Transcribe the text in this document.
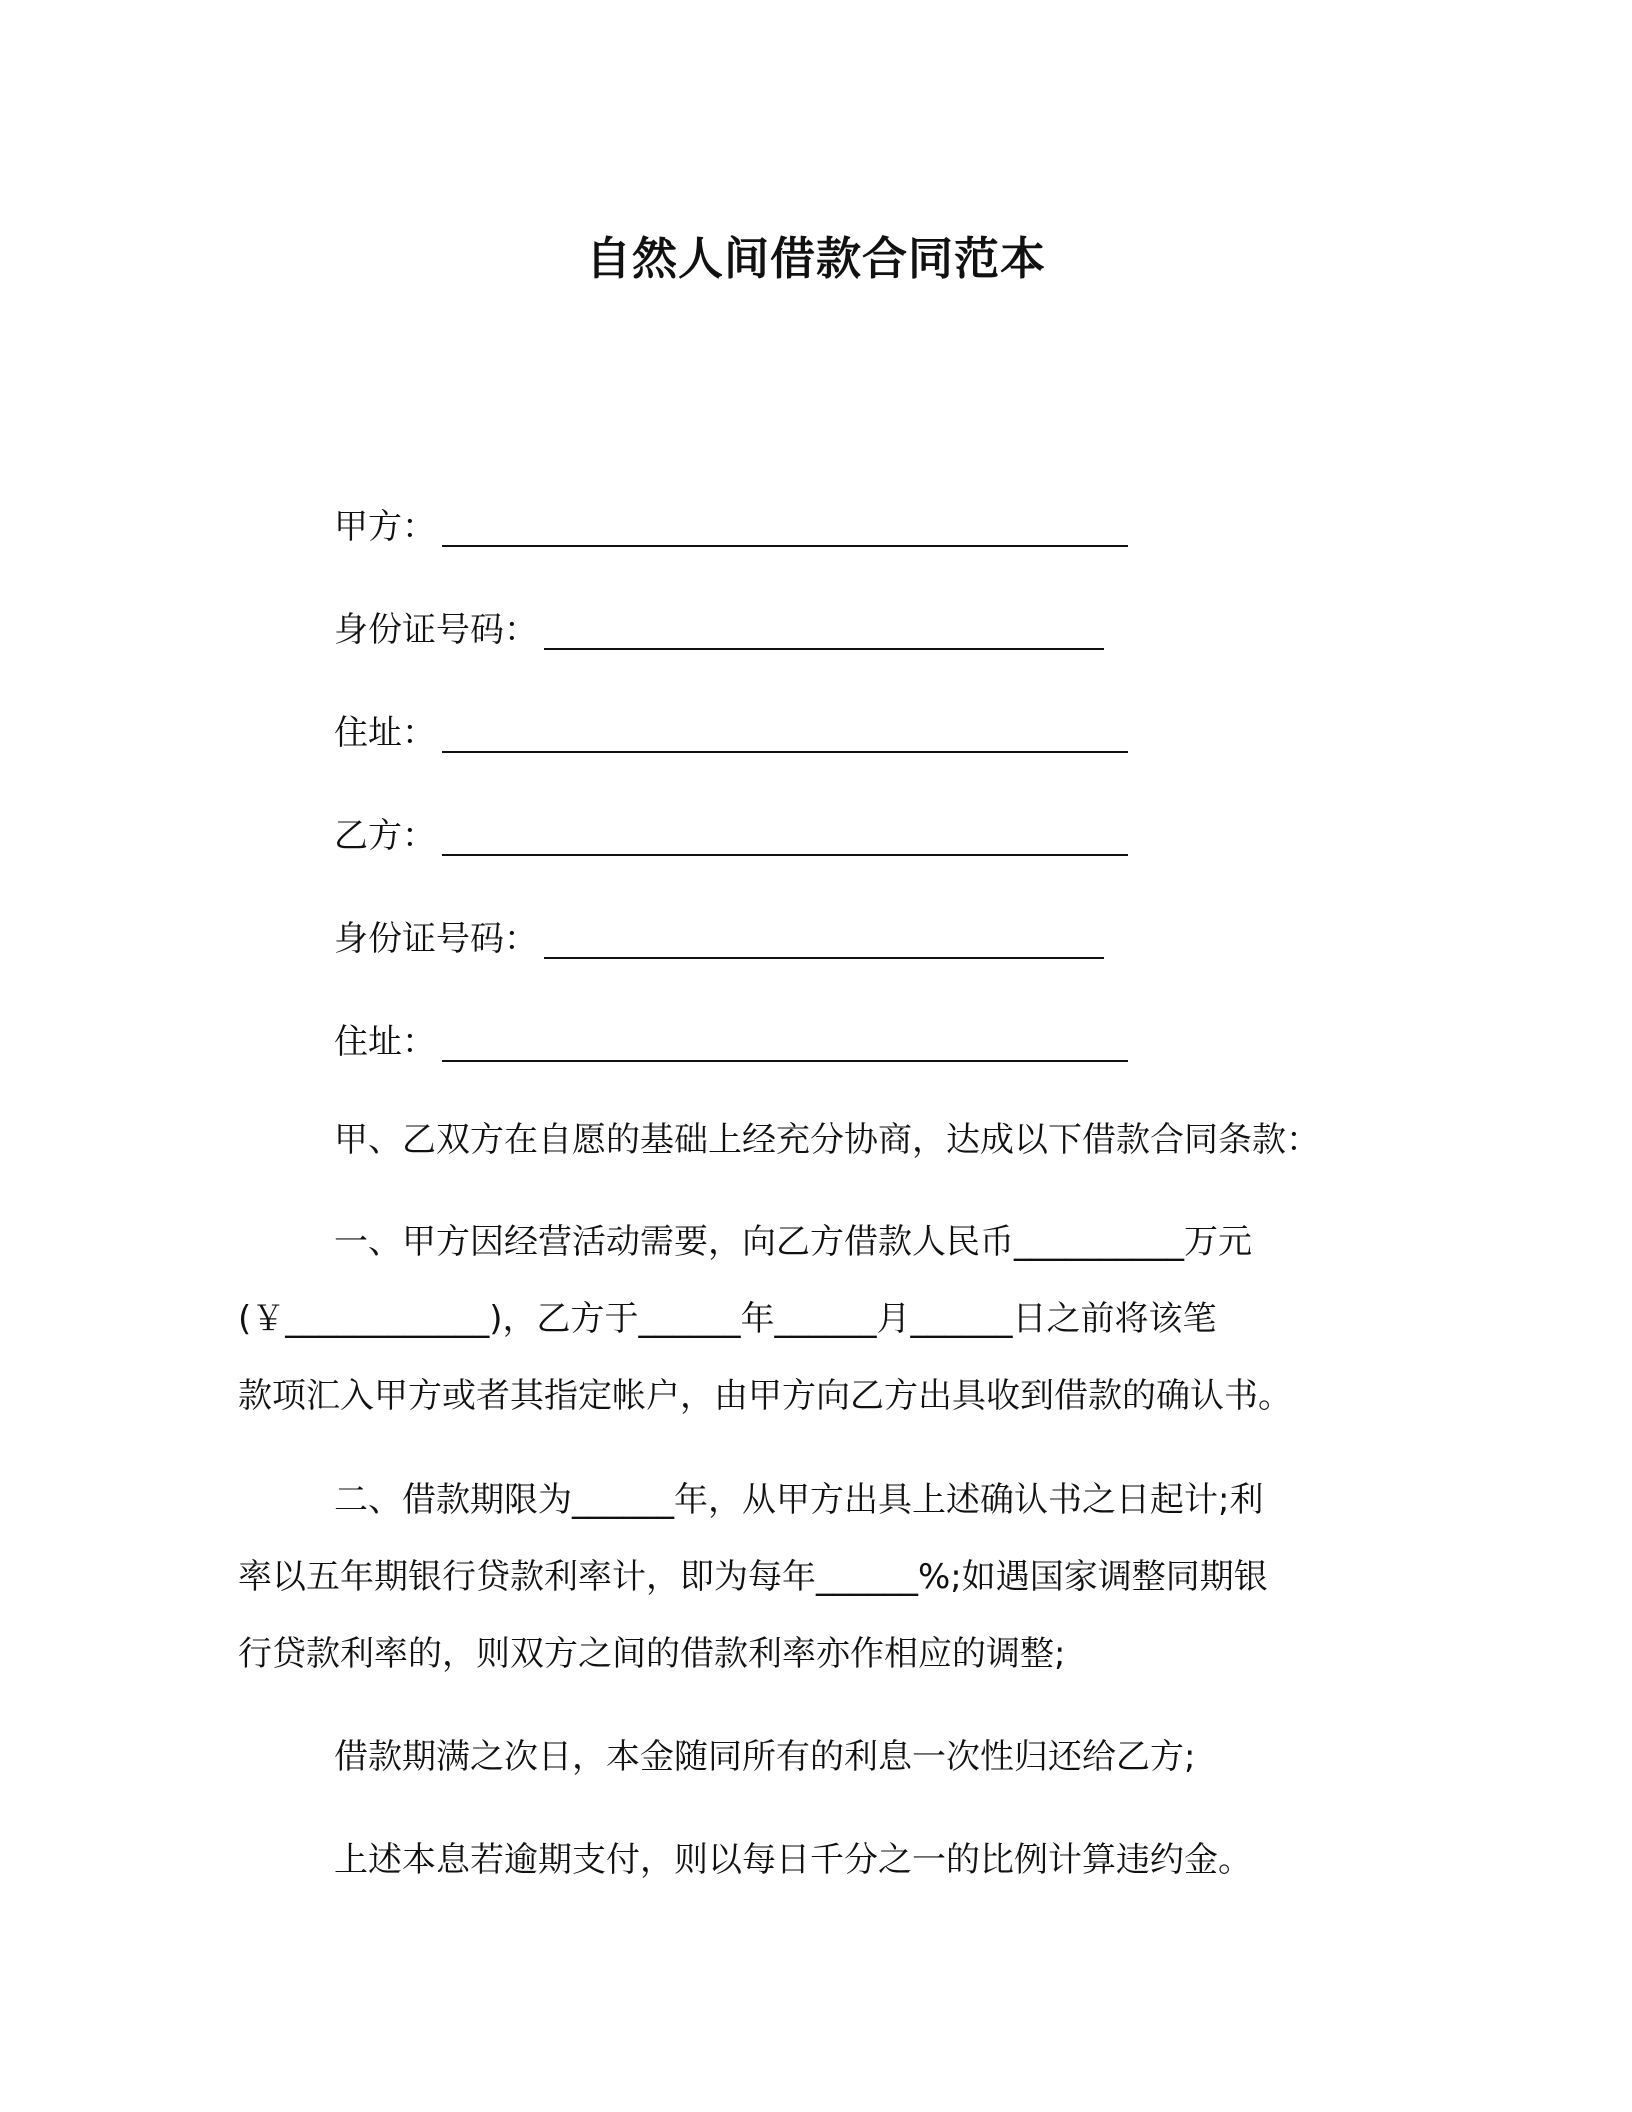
自然人间借款合同范本
甲方：
身份证号码：
住址：
乙方：
身份证号码：
住址：
甲、乙双方在自愿的基础上经充分协商，达成以下借款合同条款：
一、甲方因经营活动需要，向乙方借款人民币__________万元
(￥____________)，乙方于______年______月______日之前将该笔
款项汇入甲方或者其指定帐户，由甲方向乙方出具收到借款的确认书。
二、借款期限为______年，从甲方出具上述确认书之日起计;利
率以五年期银行贷款利率计，即为每年______%;如遇国家调整同期银
行贷款利率的，则双方之间的借款利率亦作相应的调整;
借款期满之次日，本金随同所有的利息一次性归还给乙方;
上述本息若逾期支付，则以每日千分之一的比例计算违约金。
